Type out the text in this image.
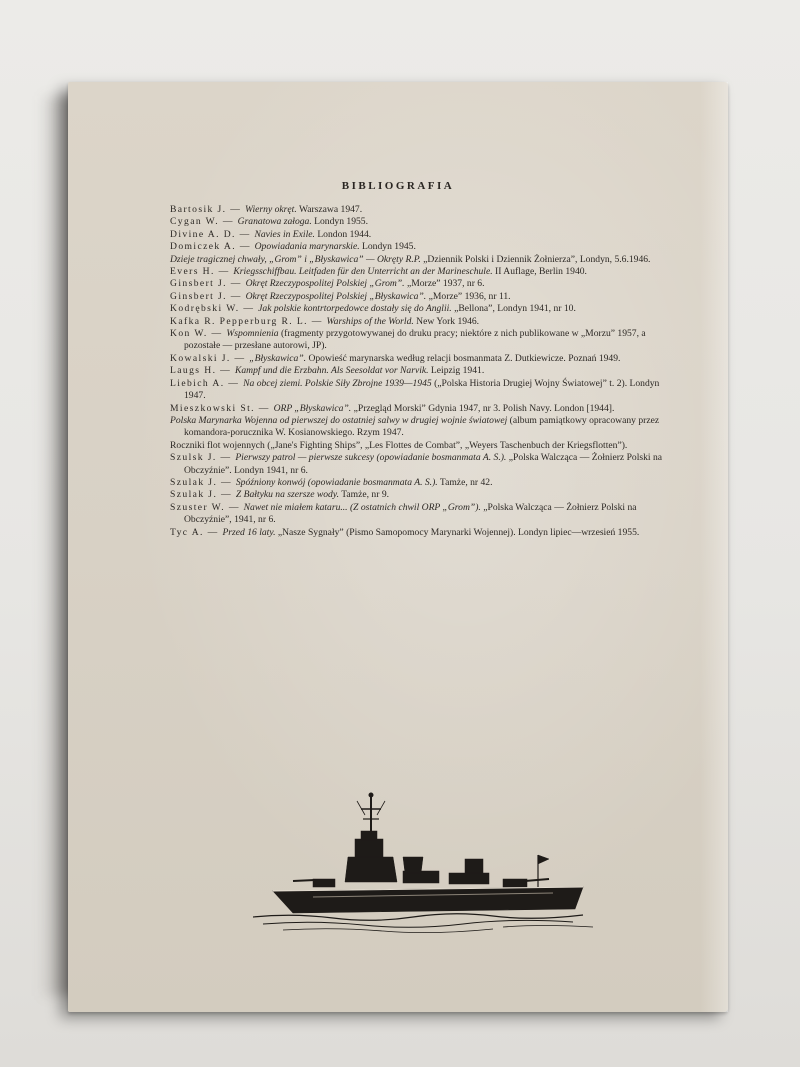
BIBLIOGRAFIA
Bartosik J. — Wierny okręt. Warszawa 1947.
Cygan W. — Granatowa załoga. Londyn 1955.
Divine A. D. — Navies in Exile. London 1944.
Domiczek A. — Opowiadania marynarskie. Londyn 1945.
Dzieje tragicznej chwały, „Grom” i „Błyskawica” — Okręty R.P. „Dziennik Polski i Dziennik Żołnierza”, Londyn, 5.6.1946.
Evers H. — Kriegsschiffbau. Leitfaden für den Unterricht an der Marineschule. II Auflage, Berlin 1940.
Ginsbert J. — Okręt Rzeczypospolitej Polskiej „Grom”. „Morze” 1937, nr 6.
Ginsbert J. — Okręt Rzeczypospolitej Polskiej „Błyskawica”. „Morze” 1936, nr 11.
Kodrębski W. — Jak polskie kontrtorpedowce dostały się do Anglii. „Bellona”, Londyn 1941, nr 10.
Kafka R. Pepperburg R. L. — Warships of the World. New York 1946.
Kon W. — Wspomnienia (fragmenty przygotowywanej do druku pracy; niektóre z nich publikowane w „Morzu” 1957, a pozostałe — przesłane autorowi, JP).
Kowalski J. — „Błyskawica”. Opowieść marynarska według relacji bosmanmata Z. Dutkiewicze. Poznań 1949.
Laugs H. — Kampf und die Erzbahn. Als Seesoldat vor Narvik. Leipzig 1941.
Liebich A. — Na obcej ziemi. Polskie Siły Zbrojne 1939—1945 („Polska Historia Drugiej Wojny Światowej” t. 2). Londyn 1947.
Mieszkowski St. — ORP „Błyskawica”. „Przegląd Morski” Gdynia 1947, nr 3. Polish Navy. London [1944].
Polska Marynarka Wojenna od pierwszej do ostatniej salwy w drugiej wojnie światowej (album pamiątkowy opracowany przez komandora-porucznika W. Kosianowskiego. Rzym 1947.
Roczniki flot wojennych („Jane's Fighting Ships”, „Les Flottes de Combat”, „Weyers Taschenbuch der Kriegsflotten”).
Szulsk J. — Pierwszy patrol — pierwsze sukcesy (opowiadanie bosmanmata A. S.). „Polska Walcząca — Żołnierz Polski na Obczyźnie”. Londyn 1941, nr 6.
Szulak J. — Spóźniony konwój (opowiadanie bosmanmata A. S.). Tamże, nr 42.
Szulak J. — Z Bałtyku na szersze wody. Tamże, nr 9.
Szuster W. — Nawet nie miałem kataru... (Z ostatnich chwil ORP „Grom”). „Polska Walcząca — Żołnierz Polski na Obczyźnie”, 1941, nr 6.
Tyc A. — Przed 16 laty. „Nasze Sygnały” (Pismo Samopomocy Marynarki Wojennej). Londyn lipiec—wrzesień 1955.
